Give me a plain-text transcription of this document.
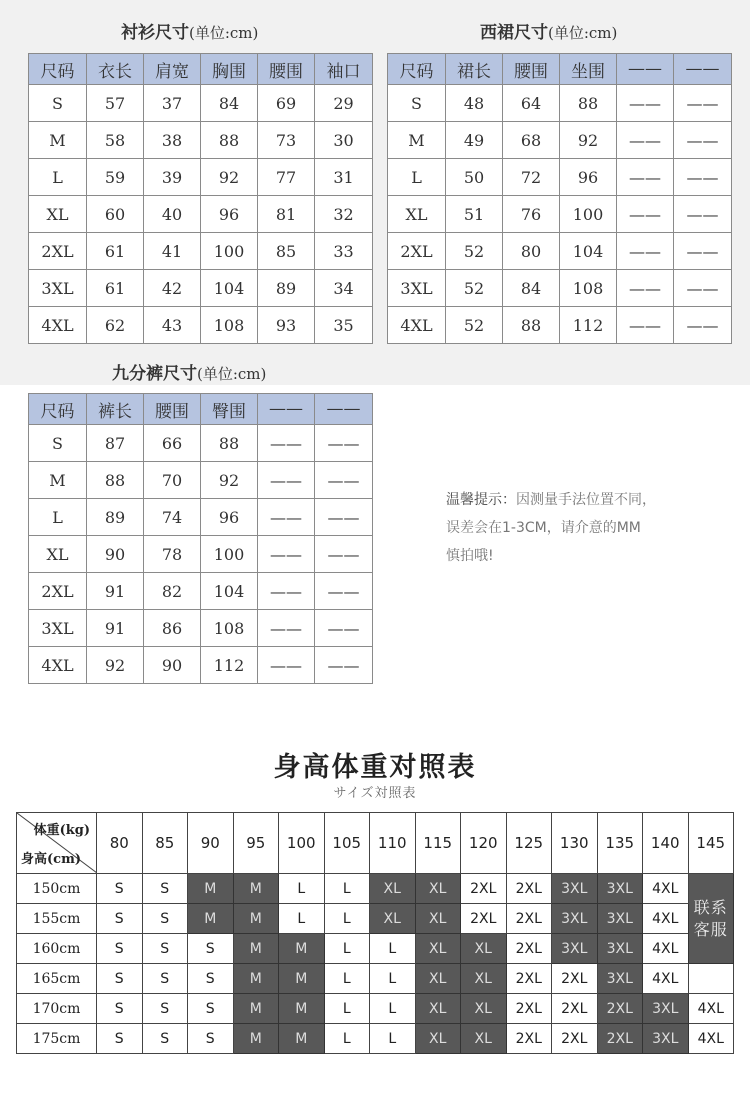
衬衫尺寸(单位:cm)
尺码	衣长	肩宽	胸围	腰围	袖口
S	57	37	84	69	29
M	58	38	88	73	30
L	59	39	92	77	31
XL	60	40	96	81	32
2XL	61	41	100	85	33
3XL	61	42	104	89	34
4XL	62	43	108	93	35
西裙尺寸(单位:cm)
尺码	裙长	腰围	坐围	——	——
S	48	64	88	——	——
M	49	68	92	——	——
L	50	72	96	——	——
XL	51	76	100	——	——
2XL	52	80	104	——	——
3XL	52	84	108	——	——
4XL	52	88	112	——	——
九分裤尺寸(单位:cm)
尺码	裤长	腰围	臀围	——	——
S	87	66	88	——	——
M	88	70	92	——	——
L	89	74	96	——	——
XL	90	78	100	——	——
2XL	91	82	104	——	——
3XL	91	86	108	——	——
4XL	92	90	112	——	——
温馨提示：因测量手法位置不同，
误差会在1-3CM，请介意的MM
慎拍哦!
身高体重对照表
サイズ対照表
体重(kg)
身高(cm)	80	85	90	95	100	105	110	115	120	125	130	135	140	145
150cm	S	S	M	M	L	L	XL	XL	2XL	2XL	3XL	3XL	4XL	联系客服
155cm	S	S	M	M	L	L	XL	XL	2XL	2XL	3XL	3XL	4XL	
160cm	S	S	S	M	M	L	L	XL	XL	2XL	3XL	3XL	4XL	
165cm	S	S	S	M	M	L	L	XL	XL	2XL	2XL	3XL	4XL	
170cm	S	S	S	M	M	L	L	XL	XL	2XL	2XL	2XL	3XL	4XL
175cm	S	S	S	M	M	L	L	XL	XL	2XL	2XL	2XL	3XL	4XL
